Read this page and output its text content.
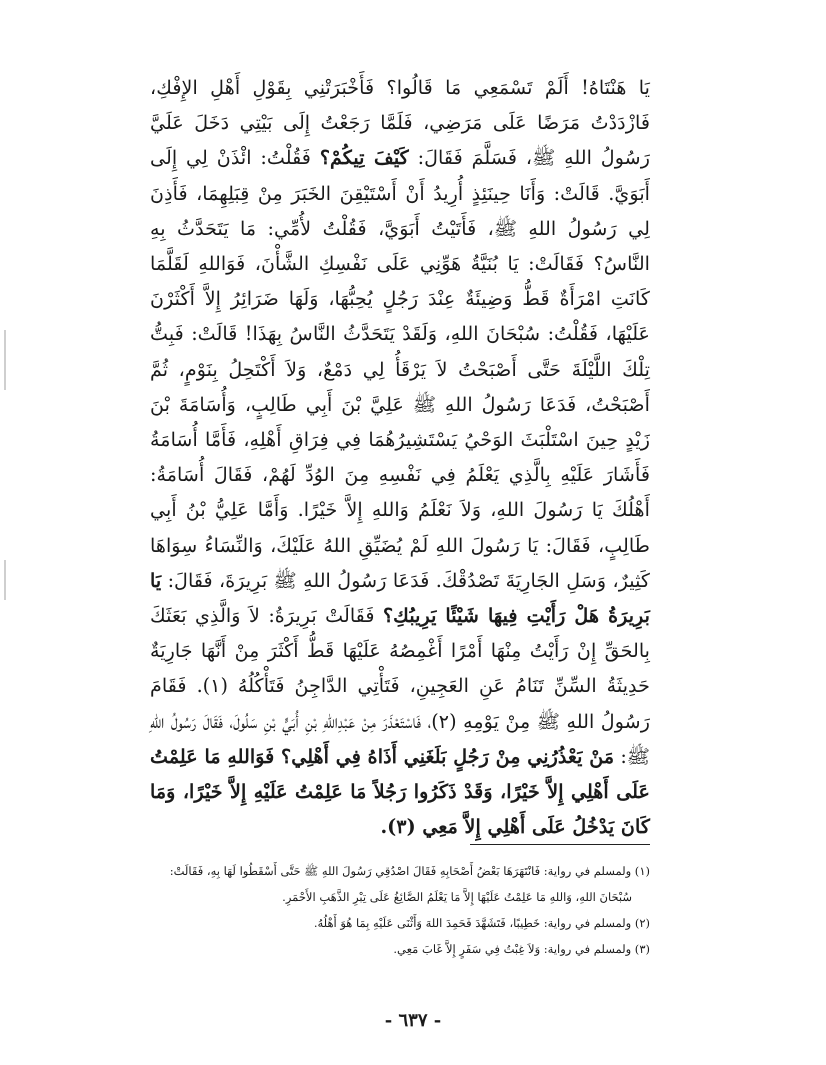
يَا هَنْتَاهُ! أَلَمْ تَسْمَعِي مَا قَالُوا؟ فَأَخْبَرَتْنِي بِقَوْلِ أَهْلِ الإِفْكِ، فَازْدَدْتُ مَرَضًا عَلَى مَرَضِي، فَلَمَّا رَجَعْتُ إِلَى بَيْتِي دَخَلَ عَلَيَّ رَسُولُ اللهِ ﷺ، فَسَلَّمَ فَقَالَ: كَيْفَ تِيكُمْ؟ فَقُلْتُ: ائْذَنْ لِي إِلَى أَبَوَيَّ. قَالَتْ: وَأَنَا حِينَئِذٍ أُرِيدُ أَنْ أَسْتَيْقِنَ الخَبَرَ مِنْ قِبَلِهِمَا، فَأَذِنَ لِي رَسُولُ اللهِ ﷺ، فَأَتَيْتُ أَبَوَيَّ، فَقُلْتُ لأُمِّي: مَا يَتَحَدَّثُ بِهِ النَّاسُ؟ فَقَالَتْ: يَا بُنَيَّةُ هَوِّنِي عَلَى نَفْسِكِ الشَّأْنَ، فَوَاللهِ لَقَلَّمَا كَانَتِ امْرَأَةٌ قَطُّ وَضِيئَةٌ عِنْدَ رَجُلٍ يُحِبُّهَا، وَلَهَا ضَرَائِرُ إِلاَّ أَكْثَرْنَ عَلَيْهَا، فَقُلْتُ: سُبْحَانَ اللهِ، وَلَقَدْ يَتَحَدَّثُ النَّاسُ بِهَذَا! قَالَتْ: فَبِتُّ تِلْكَ اللَّيْلَةَ حَتَّى أَصْبَحْتُ لاَ يَرْقَأُ لِي دَمْعٌ، وَلاَ أَكْتَحِلُ بِنَوْمٍ، ثُمَّ أَصْبَحْتُ، فَدَعَا رَسُولُ اللهِ ﷺ عَلِيَّ بْنَ أَبِي طَالِبٍ، وَأُسَامَةَ بْنَ زَيْدٍ حِينَ اسْتَلْبَثَ الوَحْيُ يَسْتَشِيرُهُمَا فِي فِرَاقِ أَهْلِهِ، فَأَمَّا أُسَامَةُ فَأَشَارَ عَلَيْهِ بِالَّذِي يَعْلَمُ فِي نَفْسِهِ مِنَ الوُدِّ لَهُمْ، فَقَالَ أُسَامَةُ: أَهْلُكَ يَا رَسُولَ اللهِ، وَلاَ نَعْلَمُ وَاللهِ إِلاَّ خَيْرًا. وَأَمَّا عَلِيُّ بْنُ أَبِي طَالِبٍ، فَقَالَ: يَا رَسُولَ اللهِ لَمْ يُضَيِّقِ اللهُ عَلَيْكَ، وَالنِّسَاءُ سِوَاهَا كَثِيرٌ، وَسَلِ الجَارِيَةَ تَصْدُقْكَ. فَدَعَا رَسُولُ اللهِ ﷺ بَرِيرَةَ، فَقَالَ: يَا بَرِيرَةُ هَلْ رَأَيْتِ فِيهَا شَيْئًا يَرِيبُكِ؟ فَقَالَتْ بَرِيرَةُ: لاَ وَالَّذِي بَعَثَكَ بِالحَقِّ إِنْ رَأَيْتُ مِنْهَا أَمْرًا أَغْمِصُهُ عَلَيْهَا قَطُّ أَكْثَرَ مِنْ أَنَّهَا جَارِيَةٌ حَدِيثَةُ السِّنِّ تَنَامُ عَنِ العَجِينِ، فَتَأْتِي الدَّاجِنُ فَتَأْكُلُهُ (١). فَقَامَ رَسُولُ اللهِ ﷺ مِنْ يَوْمِهِ (٢)، فَاسْتَعْذَرَ مِنْ عَبْدِاللهِ بْنِ أُبَيٍّ بْنِ سَلُولَ، فَقَالَ رَسُولُ اللهِ ﷺ: مَنْ يَعْذُرُنِي مِنْ رَجُلٍ بَلَغَنِي أَذَاهُ فِي أَهْلِي؟ فَوَاللهِ مَا عَلِمْتُ عَلَى أَهْلِي إِلاَّ خَيْرًا، وَقَدْ ذَكَرُوا رَجُلاً مَا عَلِمْتُ عَلَيْهِ إِلاَّ خَيْرًا، وَمَا كَانَ يَدْخُلُ عَلَى أَهْلِي إِلاَّ مَعِي (٣).

(١) ولمسلم في رواية: فَانْتَهَرَهَا بَعْضُ أَصْحَابِهِ فَقَالَ اصْدُقِي رَسُولَ اللهِ ﷺ حَتَّى أَسْقَطُوا لَهَا بِهِ، فَقَالَتْ:

سُبْحَانَ اللهِ، وَاللهِ مَا عَلِمْتُ عَلَيْهَا إِلاَّ مَا يَعْلَمُ الصَّائِغُ عَلَى تِبْرِ الذَّهَبِ الأَحْمَرِ.

(٢) ولمسلم في رواية: خَطِيبًا، فَتَشَهَّدَ فَحَمِدَ اللهَ وَأَثْنَى عَلَيْهِ بِمَا هُوَ أَهْلُهُ.

(٣) ولمسلم في رواية: وَلاَ غِبْتُ فِي سَفَرٍ إِلاَّ غَابَ مَعِي.

- ٦٣٧ -
